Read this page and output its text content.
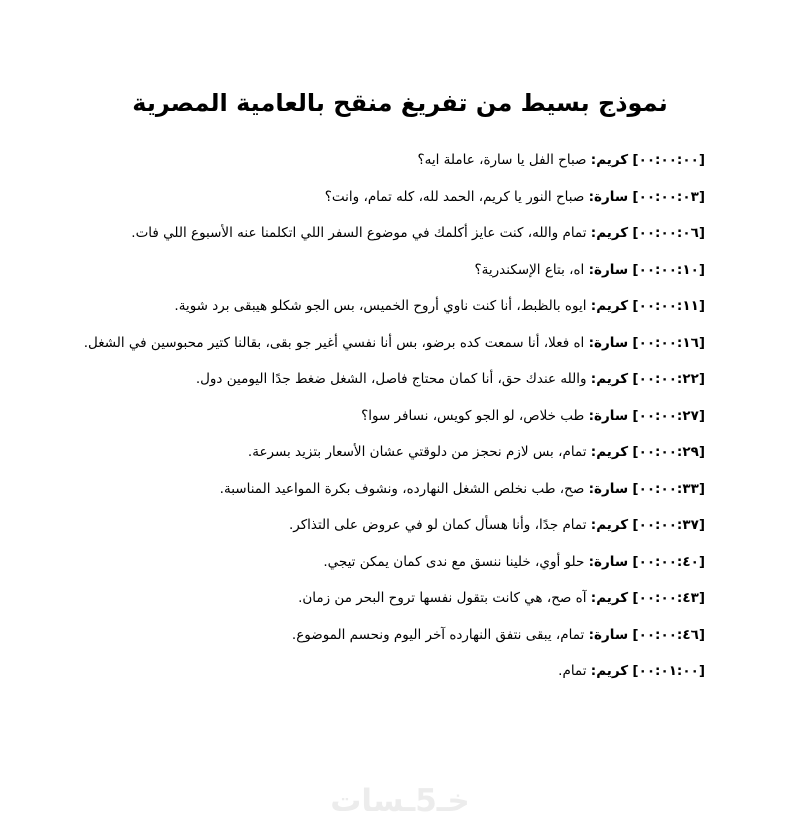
نموذج بسيط من تفريغ منقح بالعامية المصرية

[٠٠:٠٠:٠٠] كريم: صباح الفل يا سارة، عاملة ايه؟

[٠٠:٠٠:٠٣] سارة: صباح النور يا كريم، الحمد لله، كله تمام، وانت؟

[٠٠:٠٠:٠٦] كريم: تمام والله، كنت عايز أكلمك في موضوع السفر اللي اتكلمنا عنه الأسبوع اللي فات.

[٠٠:٠٠:١٠] سارة: اه، بتاع الإسكندرية؟

[٠٠:٠٠:١١] كريم: ايوه بالظبط، أنا كنت ناوي أروح الخميس، بس الجو شكلو هيبقى برد شوية.

[٠٠:٠٠:١٦] سارة: اه فعلا، أنا سمعت كده برضو، بس أنا نفسي أغير جو بقى، بقالنا كتير محبوسين في الشغل.

[٠٠:٠٠:٢٢] كريم: والله عندك حق، أنا كمان محتاج فاصل، الشغل ضغط جدًا اليومين دول.

[٠٠:٠٠:٢٧] سارة: طب خلاص، لو الجو كويس، نسافر سوا؟

[٠٠:٠٠:٢٩] كريم: تمام، بس لازم نحجز من دلوقتي عشان الأسعار بتزيد بسرعة.

[٠٠:٠٠:٣٣] سارة: صح، طب نخلص الشغل النهارده، ونشوف بكرة المواعيد المناسبة.

[٠٠:٠٠:٣٧] كريم: تمام جدًا، وأنا هسأل كمان لو في عروض على التذاكر.

[٠٠:٠٠:٤٠] سارة: حلو أوي، خلينا ننسق مع ندى كمان يمكن تيجي.

[٠٠:٠٠:٤٣] كريم: آه صح، هي كانت بتقول نفسها تروح البحر من زمان.

[٠٠:٠٠:٤٦] سارة: تمام، يبقى نتفق النهارده آخر اليوم ونحسم الموضوع.

[٠٠:٠١:٠٠] كريم: تمام.

خـ5ـسات
